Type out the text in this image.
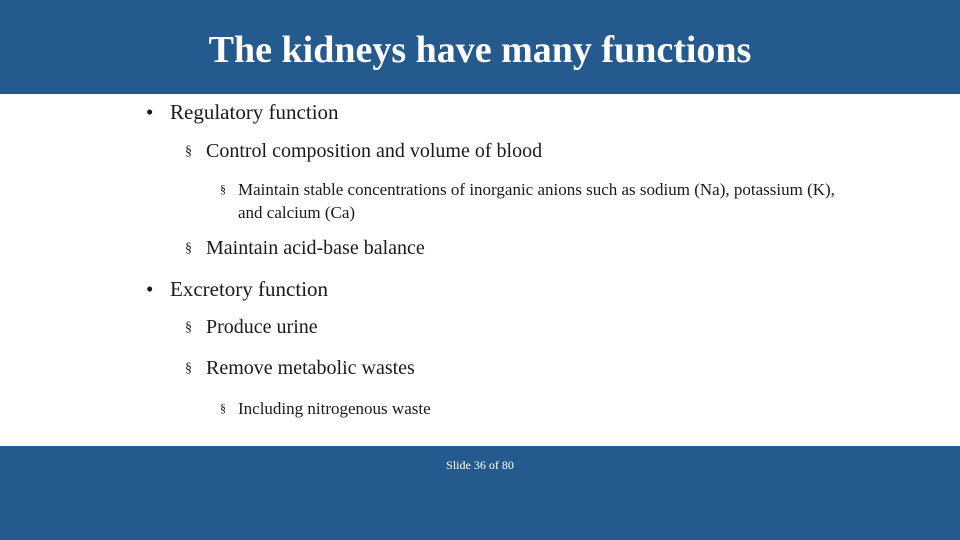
The kidneys have many functions
• Regulatory function
§ Control composition and volume of blood
§ Maintain stable concentrations of inorganic anions such as sodium (Na), potassium (K), and calcium (Ca)
§ Maintain acid-base balance
• Excretory function
§ Produce urine
§ Remove metabolic wastes
§ Including nitrogenous waste
Slide 36 of 80
